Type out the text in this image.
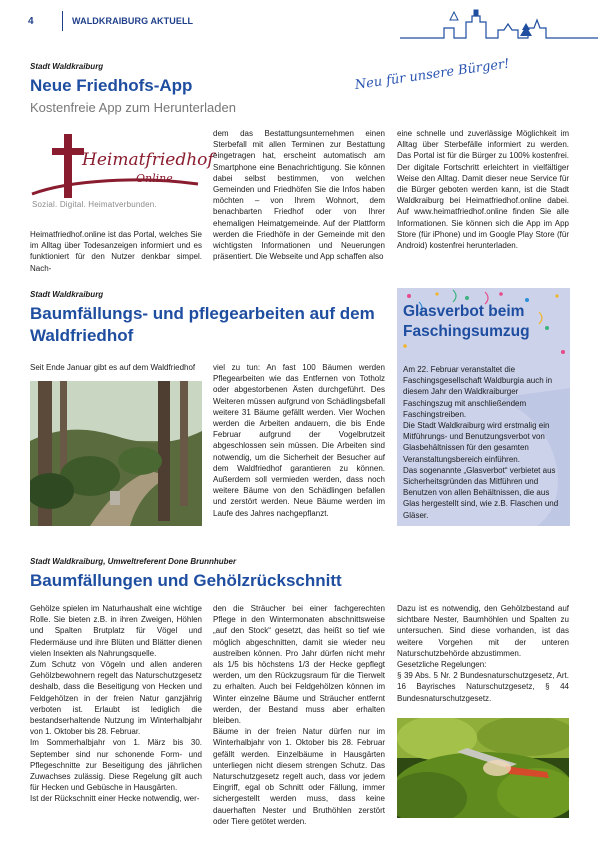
4	WALDKRAIBURG AKTUELL
Stadt Waldkraiburg
Neue Friedhofs-App
Kostenfreie App zum Herunterladen
Neu für unsere Bürger!
Heimatfriedhof
Online
Sozial. Digital. Heimatverbunden.

Heimatfriedhof.online ist das Portal, welches Sie im Alltag über Todesanzeigen informiert und es funktioniert für den Nutzer denkbar simpel. Nach-

dem das Bestattungsunternehmen einen Sterbefall mit allen Terminen zur Bestattung eingetragen hat, erscheint automatisch am Smartphone eine Benachrichtigung. Sie können dabei selbst bestimmen, von welchen Gemeinden und Friedhöfen Sie die Infos haben möchten – von Ihrem Wohnort, dem benachbarten Friedhof oder von Ihrer ehemaligen Heimatgemeinde. Auf der Plattform werden die Friedhöfe in der Gemeinde mit den wichtigsten Informationen und Neuerungen präsentiert. Die Webseite und App schaffen also

eine schnelle und zuverlässige Möglichkeit im Alltag über Sterbefälle informiert zu werden. Das Portal ist für die Bürger zu 100% kostenfrei. Der digitale Fortschritt erleichtert in vielfältiger Weise den Alltag. Damit dieser neue Service für die Bürger geboten werden kann, ist die Stadt Waldkraiburg bei Heimatfriedhof.online dabei. Auf www.heimatfriedhof.online finden Sie alle Informationen. Sie können sich die App im App Store (für iPhone) und im Google Play Store (für Android) kostenfrei herunterladen.

Stadt Waldkraiburg
Baumfällungs- und pflegearbeiten auf dem Waldfriedhof

Seit Ende Januar gibt es auf dem Waldfriedhof	viel zu tun: An fast 100 Bäumen werden Pflegearbeiten wie das Entfernen von Totholz oder abgestorbenen Ästen durchgeführt. Des Weiteren müssen aufgrund von Schädlingsbefall weitere 31 Bäume gefällt werden. Vier Wochen werden die Arbeiten andauern, die bis Ende Februar aufgrund der Vogelbrutzeit abgeschlossen sein müssen. Die Arbeiten sind notwendig, um die Sicherheit der Besucher auf dem Waldfriedhof garantieren zu können. Außerdem soll vermieden werden, dass noch weitere Bäume von den Schädlingen befallen und zerstört werden. Neue Bäume werden im Laufe des Jahres nachgepflanzt.

Glasverbot beim Faschingsumzug

Am 22. Februar veranstaltet die Faschingsgesellschaft Waldburgia auch in diesem Jahr den Waldkraiburger Faschingszug mit anschließendem Faschingstreiben.

Die Stadt Waldkraiburg wird erstmalig ein Mitführungs- und Benutzungsverbot von Glasbehältnissen für den gesamten Veranstaltungsbereich einführen.

Das sogenannte „Glasverbot“ verbietet aus Sicherheitsgründen das Mitführen und Benutzen von allen Behältnissen, die aus Glas hergestellt sind, wie z.B. Flaschen und Gläser.

Stadt Waldkraiburg, Umweltreferent Done Brunnhuber
Baumfällungen und Gehölzrückschnitt

Gehölze spielen im Naturhaushalt eine wichtige Rolle. Sie bieten z.B. in ihren Zweigen, Höhlen und Spalten Brutplatz für Vögel und Fledermäuse und ihre Blüten und Blätter dienen vielen Insekten als Nahrungsquelle.

Zum Schutz von Vögeln und allen anderen Gehölzbewohnern regelt das Naturschutzgesetz deshalb, dass die Beseitigung von Hecken und Feldgehölzen in der freien Natur ganzjährig verboten ist. Erlaubt ist lediglich die bestandserhaltende Nutzung im Winterhalbjahr von 1. Oktober bis 28. Februar.

Im Sommerhalbjahr von 1. März bis 30. September sind nur schonende Form- und Pflegeschnitte zur Beseitigung des jährlichen Zuwachses zulässig. Diese Regelung gilt auch für Hecken und Gebüsche in Hausgärten.

Ist der Rückschnitt einer Hecke notwendig, wer-

den die Sträucher bei einer fachgerechten Pflege in den Wintermonaten abschnittsweise „auf den Stock“ gesetzt, das heißt so tief wie möglich abgeschnitten, damit sie wieder neu austreiben können. Pro Jahr dürfen nicht mehr als 1/5 bis höchstens 1/3 der Hecke gepflegt werden, um den Rückzugsraum für die Tierwelt zu erhalten. Auch bei Feldgehölzen können im Winter einzelne Bäume und Sträucher entfernt werden, der Bestand muss aber erhalten bleiben.

Bäume in der freien Natur dürfen nur im Winterhalbjahr von 1. Oktober bis 28. Februar gefällt werden. Einzelbäume in Hausgärten unterliegen nicht diesem strengen Schutz. Das Naturschutzgesetz regelt auch, dass vor jedem Eingriff, egal ob Schnitt oder Fällung, immer sichergestellt werden muss, dass keine dauerhaften Nester und Bruthöhlen zerstört oder Tiere getötet werden.

Dazu ist es notwendig, den Gehölzbestand auf sichtbare Nester, Baumhöhlen und Spalten zu untersuchen. Sind diese vorhanden, ist das weitere Vorgehen mit der unteren Naturschutzbehörde abzustimmen.

Gesetzliche Regelungen:

§ 39 Abs. 5 Nr. 2 Bundesnaturschutzgesetz, Art. 16 Bayrisches Naturschutzgesetz, § 44 Bundesnaturschutzgesetz.
